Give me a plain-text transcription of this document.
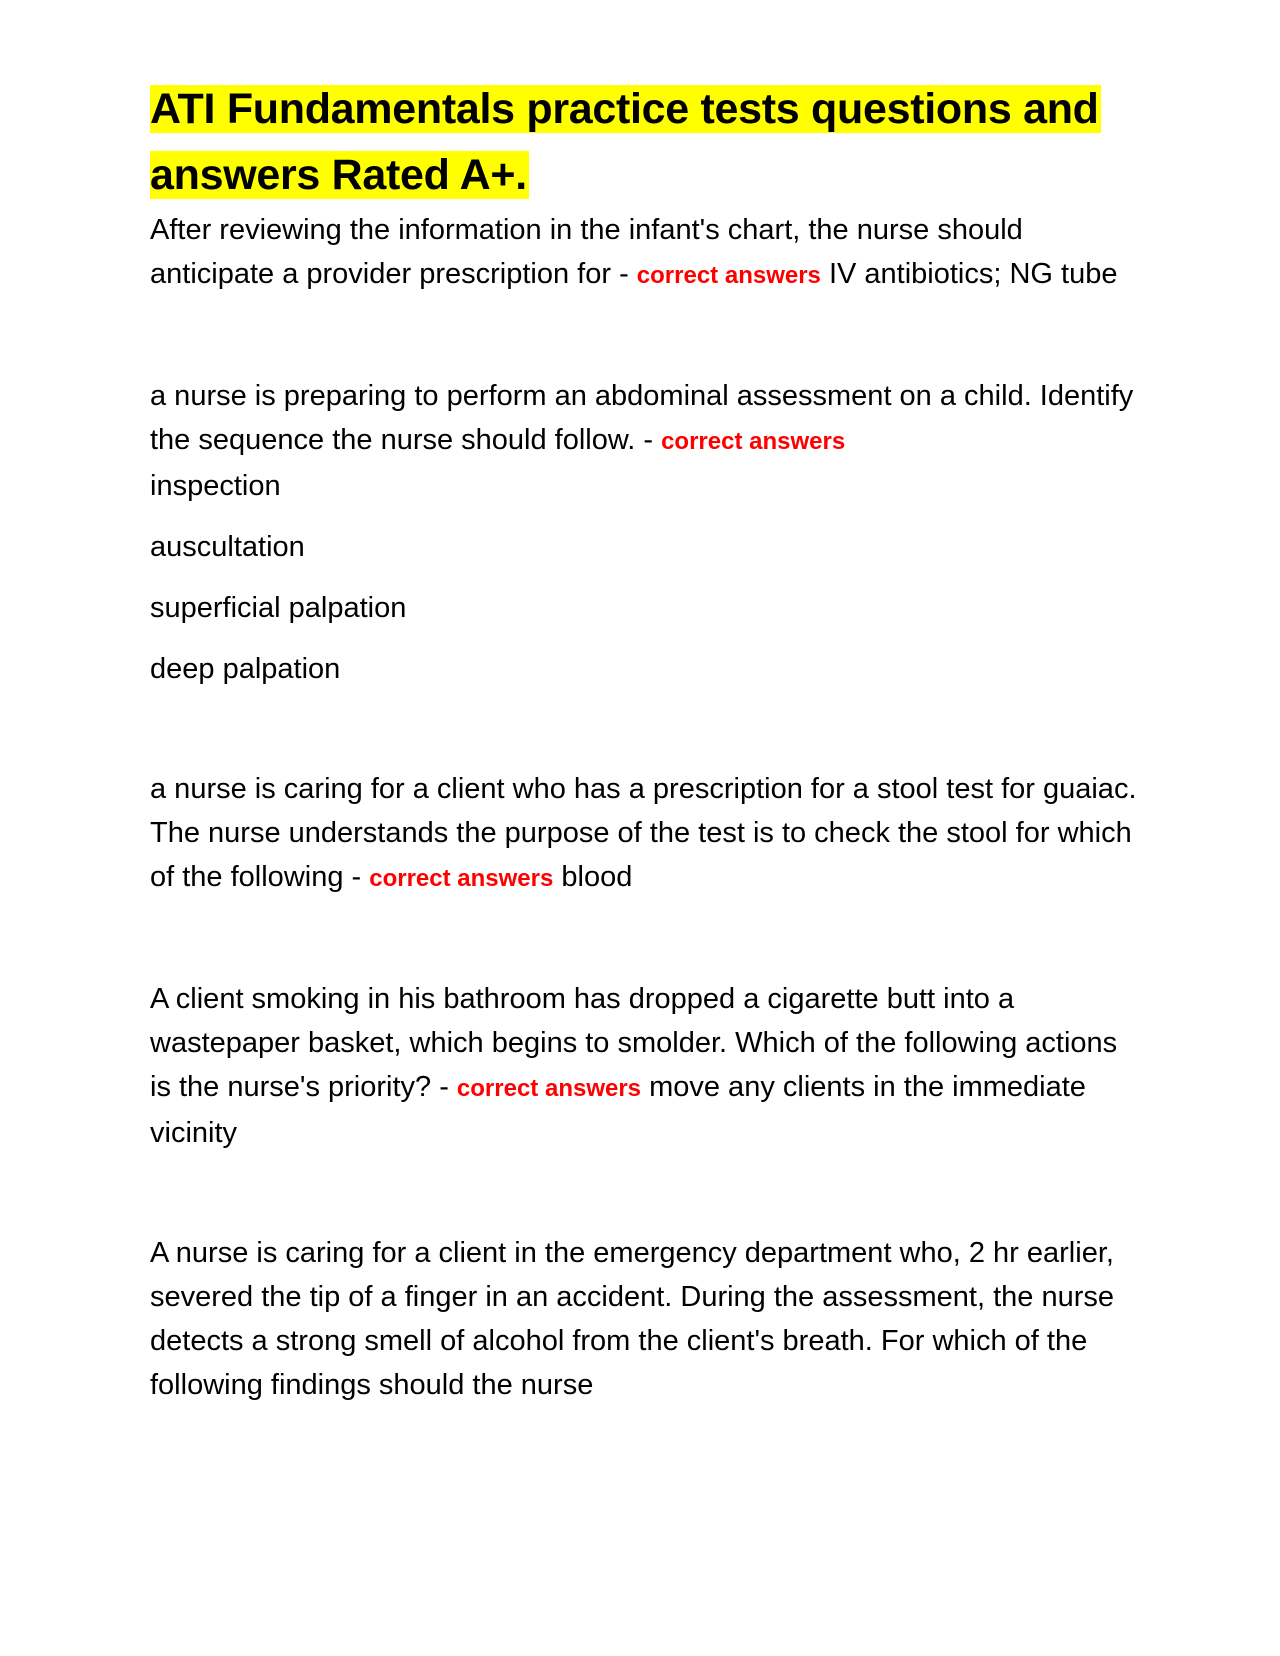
ATI Fundamentals practice tests questions and answers Rated A+.

After reviewing the information in the infant's chart, the nurse should anticipate a provider prescription for - correct answers IV antibiotics; NG tube

a nurse is preparing to perform an abdominal assessment on a child. Identify the sequence the nurse should follow. - correct answers

inspection

auscultation

superficial palpation

deep palpation

a nurse is caring for a client who has a prescription for a stool test for guaiac. The nurse understands the purpose of the test is to check the stool for which of the following - correct answers blood

A client smoking in his bathroom has dropped a cigarette butt into a wastepaper basket, which begins to smolder. Which of the following actions is the nurse's priority? - correct answers move any clients in the immediate vicinity

A nurse is caring for a client in the emergency department who, 2 hr earlier, severed the tip of a finger in an accident. During the assessment, the nurse detects a strong smell of alcohol from the client's breath. For which of the following findings should the nurse
